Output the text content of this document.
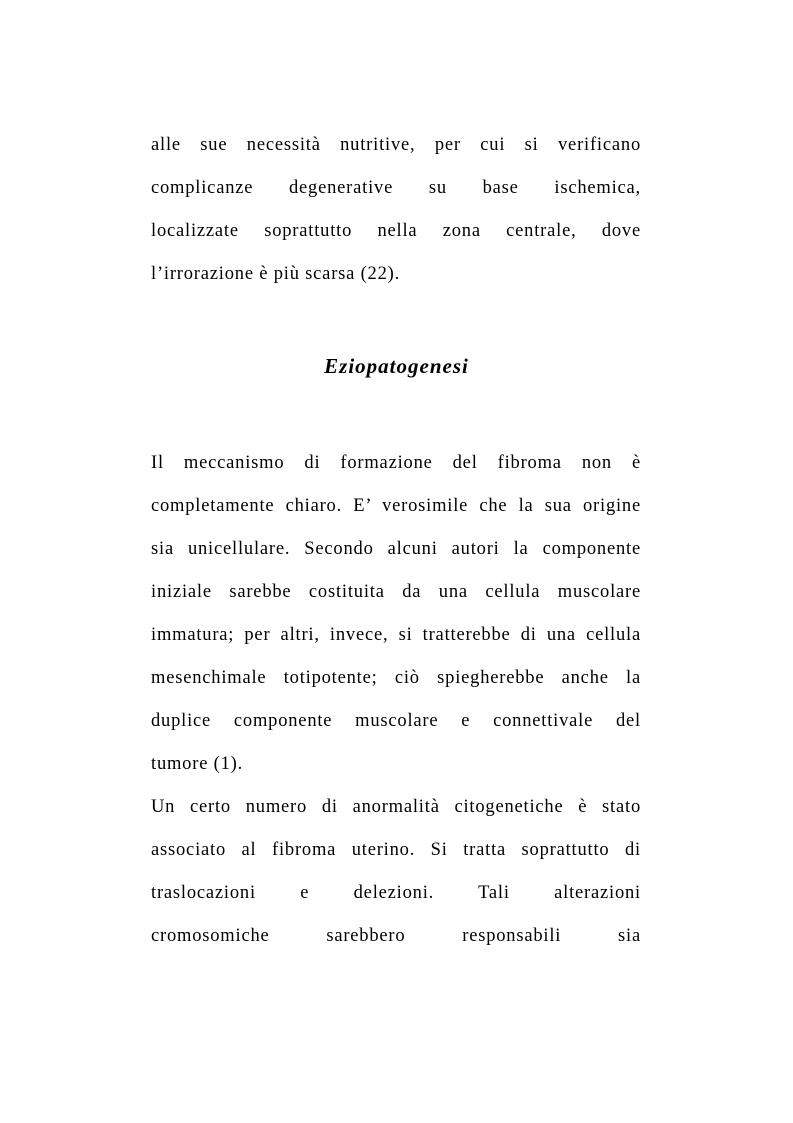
alle sue necessità nutritive, per cui si verificano
complicanze degenerative su base ischemica,
localizzate soprattutto nella zona centrale, dove
l’irrorazione è più scarsa (22).
Eziopatogenesi
Il meccanismo di formazione del fibroma non è
completamente chiaro. E’ verosimile che la sua origine
sia unicellulare. Secondo alcuni autori la componente
iniziale sarebbe costituita da una cellula muscolare
immatura; per altri, invece, si tratterebbe di una cellula
mesenchimale totipotente; ciò spiegherebbe anche la
duplice componente muscolare e connettivale del
tumore (1).
Un certo numero di anormalità citogenetiche è stato
associato al fibroma uterino. Si tratta soprattutto di
traslocazioni e delezioni. Tali alterazioni
cromosomiche sarebbero responsabili sia
